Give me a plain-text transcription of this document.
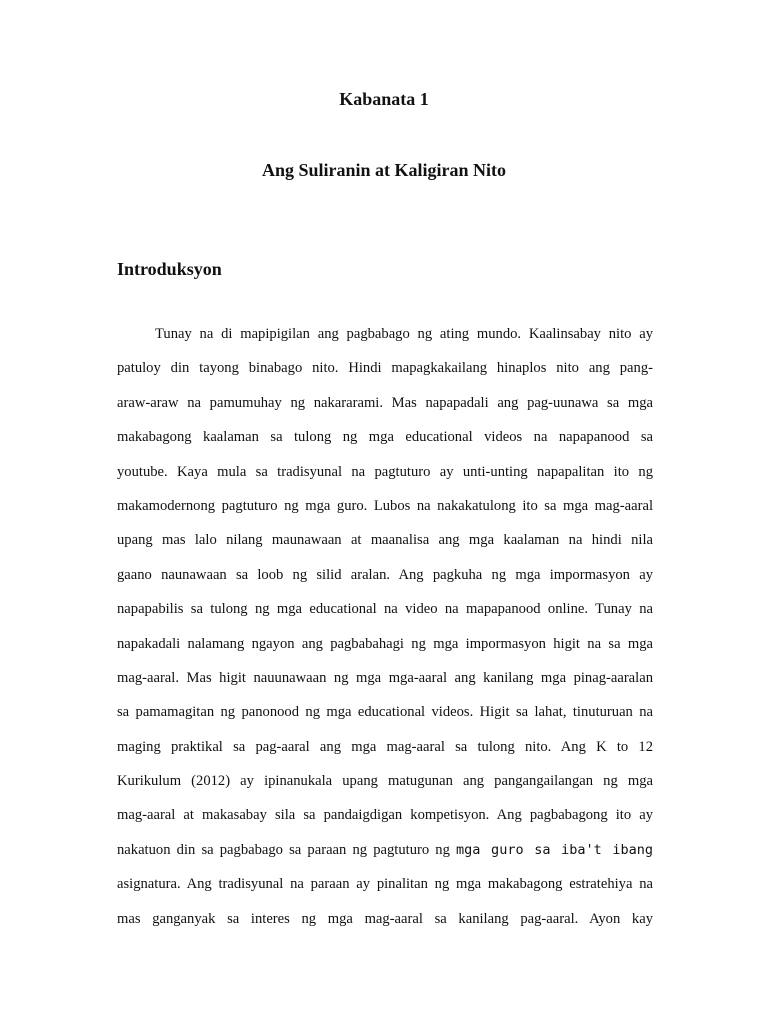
Kabanata 1
Ang Suliranin at Kaligiran Nito
Introduksyon
Tunay na di mapipigilan ang pagbabago ng ating mundo. Kaalinsabay nito ay
patuloy din tayong binabago nito. Hindi mapagkakailang hinaplos nito ang pang-
araw-araw na pamumuhay ng nakararami. Mas napapadali ang pag-uunawa sa mga
makabagong kaalaman sa tulong ng mga educational videos na napapanood sa
youtube. Kaya mula sa tradisyunal na pagtuturo ay unti-unting napapalitan ito ng
makamodernong pagtuturo ng mga guro. Lubos na nakakatulong ito sa mga mag-aaral
upang mas lalo nilang maunawaan at maanalisa ang mga kaalaman na hindi nila
gaano naunawaan sa loob ng silid aralan. Ang pagkuha ng mga impormasyon ay
napapabilis sa tulong ng mga educational na video na mapapanood online. Tunay na
napakadali nalamang ngayon ang pagbabahagi ng mga impormasyon higit na sa mga
mag-aaral. Mas higit nauunawaan ng mga mga-aaral ang kanilang mga pinag-aaralan
sa pamamagitan ng panonood ng mga educational videos. Higit sa lahat, tinuturuan na
maging praktikal sa pag-aaral ang mga mag-aaral sa tulong nito. Ang K to 12
Kurikulum (2012) ay ipinanukala upang matugunan ang pangangailangan ng mga
mag-aaral at makasabay sila sa pandaigdigan kompetisyon. Ang pagbabagong ito ay
nakatuon din sa pagbabago sa paraan ng pagtuturo ng mga guro sa iba't ibang
asignatura. Ang tradisyunal na paraan ay pinalitan ng mga makabagong estratehiya na
mas ganganyak sa interes ng mga mag-aaral sa kanilang pag-aaral. Ayon kay
